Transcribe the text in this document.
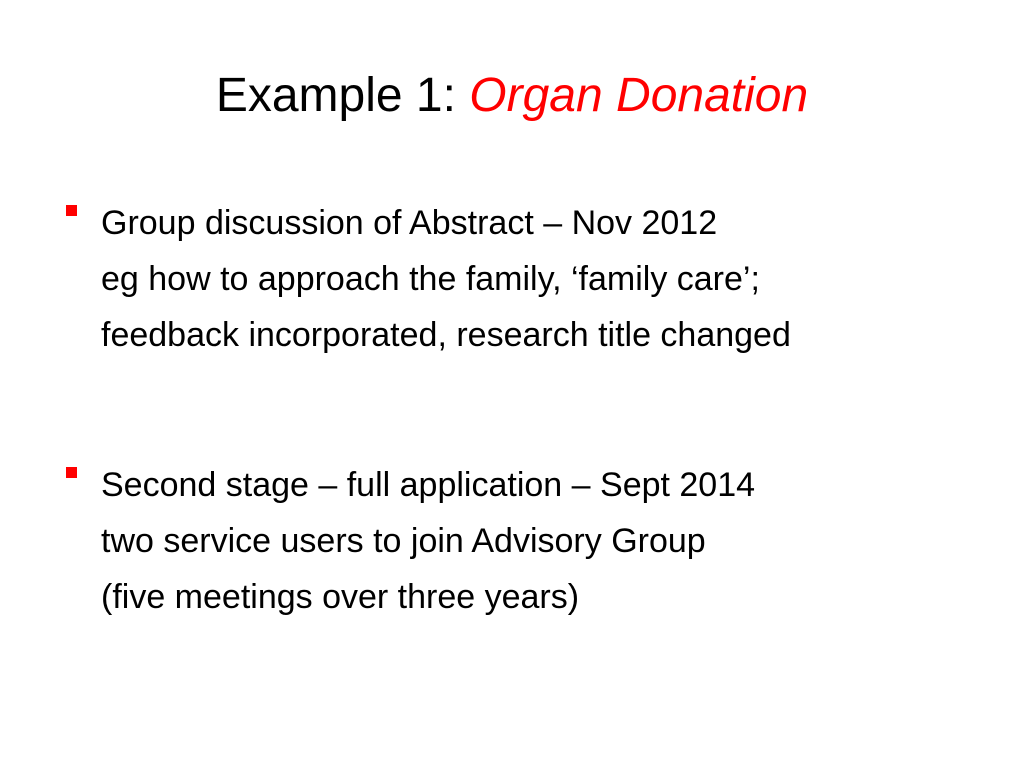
Example 1: Organ Donation
Group discussion of Abstract – Nov 2012
eg how to approach the family, ‘family care’;
feedback incorporated, research title changed
Second stage – full application – Sept 2014
two service users to join Advisory Group
(five meetings over three years)
